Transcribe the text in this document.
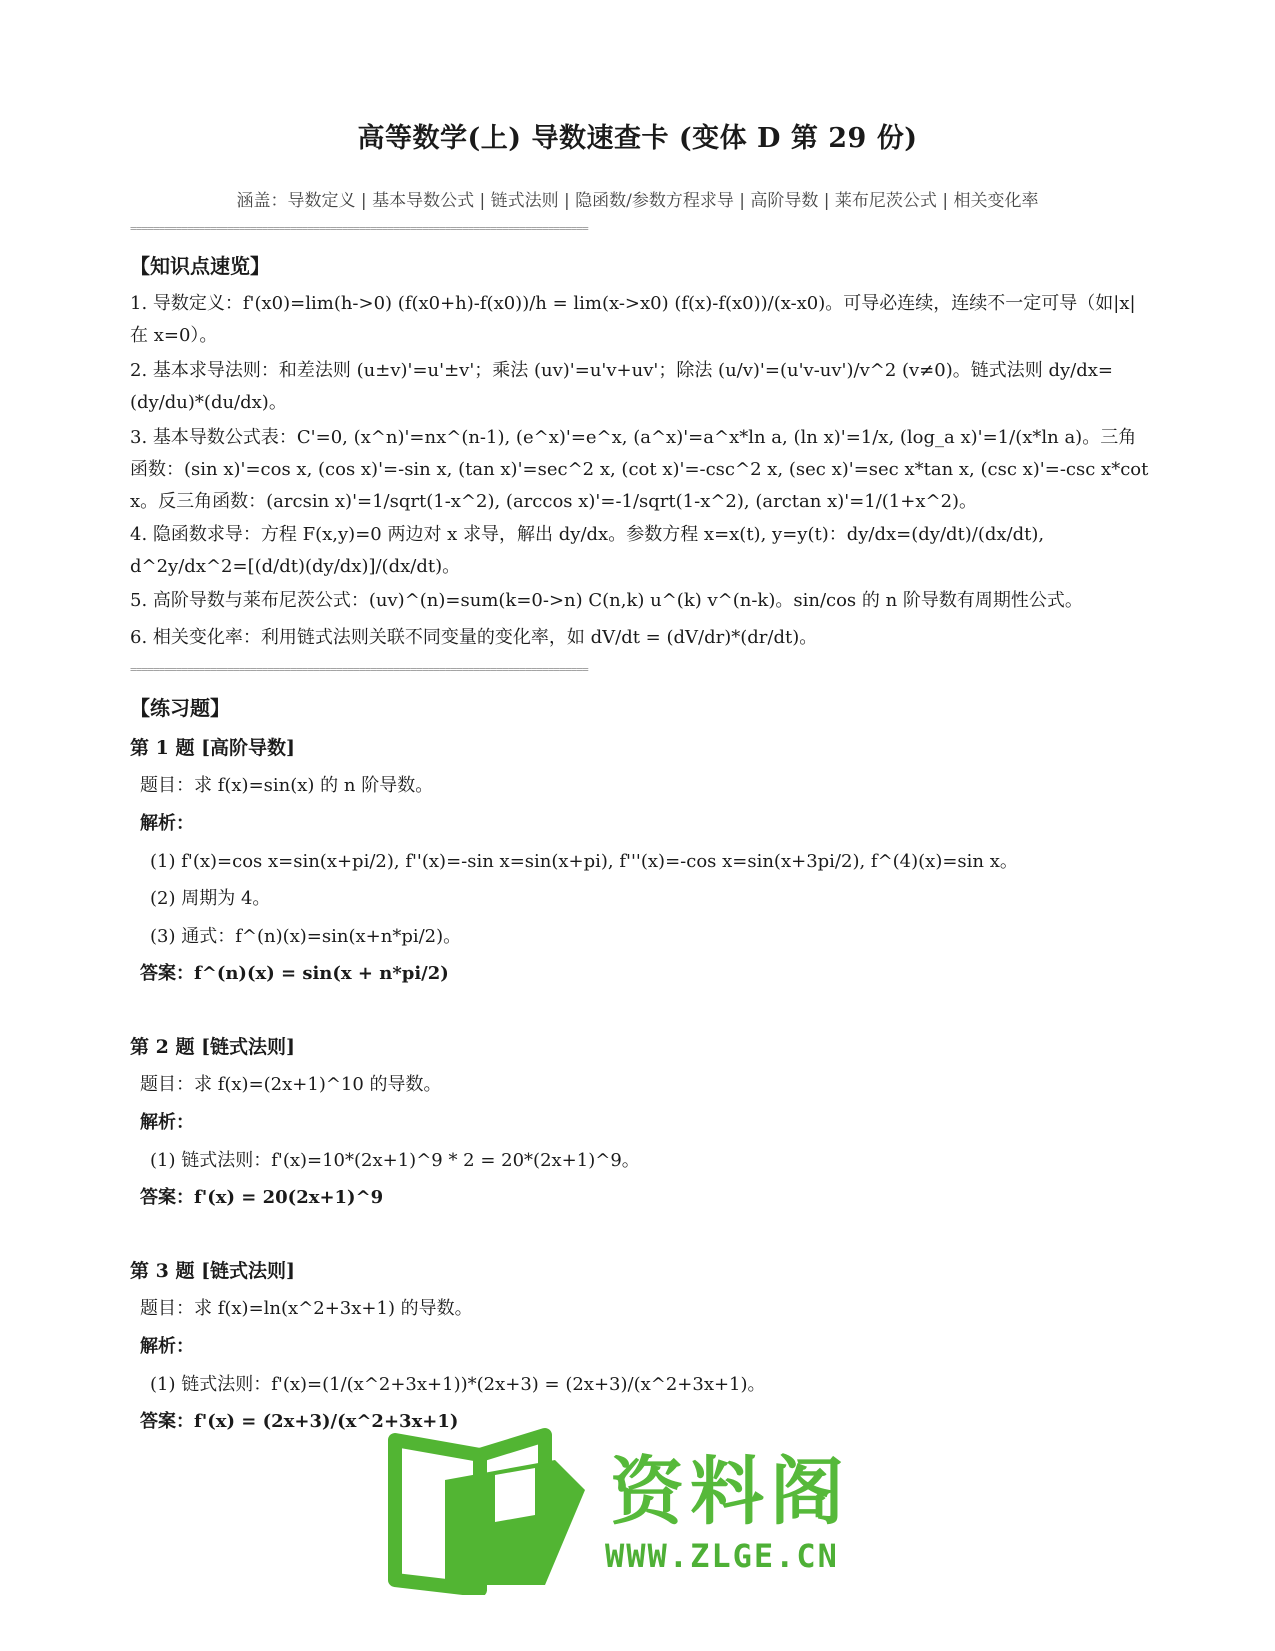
高等数学(上) 导数速查卡 (变体 D 第 29 份)
涵盖：导数定义 | 基本导数公式 | 链式法则 | 隐函数/参数方程求导 | 高阶导数 | 莱布尼茨公式 | 相关变化率
================================================================================
【知识点速览】
1. 导数定义：f'(x0)=lim(h->0) (f(x0+h)-f(x0))/h = lim(x->x0) (f(x)-f(x0))/(x-x0)。可导必连续，连续不一定可导（如|x|在 x=0）。
2. 基本求导法则：和差法则 (u±v)'=u'±v'；乘法 (uv)'=u'v+uv'；除法 (u/v)'=(u'v-uv')/v^2 (v≠0)。链式法则 dy/dx=(dy/du)*(du/dx)。
3. 基本导数公式表：C'=0, (x^n)'=nx^(n-1), (e^x)'=e^x, (a^x)'=a^x*ln a, (ln x)'=1/x, (log_a x)'=1/(x*ln a)。三角函数：(sin x)'=cos x, (cos x)'=-sin x, (tan x)'=sec^2 x, (cot x)'=-csc^2 x, (sec x)'=sec x*tan x, (csc x)'=-csc x*cot x。反三角函数：(arcsin x)'=1/sqrt(1-x^2), (arccos x)'=-1/sqrt(1-x^2), (arctan x)'=1/(1+x^2)。
4. 隐函数求导：方程 F(x,y)=0 两边对 x 求导，解出 dy/dx。参数方程 x=x(t), y=y(t)：dy/dx=(dy/dt)/(dx/dt), d^2y/dx^2=[(d/dt)(dy/dx)]/(dx/dt)。
5. 高阶导数与莱布尼茨公式：(uv)^(n)=sum(k=0->n) C(n,k) u^(k) v^(n-k)。sin/cos 的 n 阶导数有周期性公式。
6. 相关变化率：利用链式法则关联不同变量的变化率，如 dV/dt = (dV/dr)*(dr/dt)。
================================================================================
【练习题】
第 1 题 [高阶导数]
题目：求 f(x)=sin(x) 的 n 阶导数。
解析：
(1) f'(x)=cos x=sin(x+pi/2), f''(x)=-sin x=sin(x+pi), f'''(x)=-cos x=sin(x+3pi/2), f^(4)(x)=sin x。
(2) 周期为 4。
(3) 通式：f^(n)(x)=sin(x+n*pi/2)。
答案：f^(n)(x) = sin(x + n*pi/2)
第 2 题 [链式法则]
题目：求 f(x)=(2x+1)^10 的导数。
解析：
(1) 链式法则：f'(x)=10*(2x+1)^9 * 2 = 20*(2x+1)^9。
答案：f'(x) = 20(2x+1)^9
第 3 题 [链式法则]
题目：求 f(x)=ln(x^2+3x+1) 的导数。
解析：
(1) 链式法则：f'(x)=(1/(x^2+3x+1))*(2x+3) = (2x+3)/(x^2+3x+1)。
答案：f'(x) = (2x+3)/(x^2+3x+1)
资料阁
WWW.ZLGE.CN
